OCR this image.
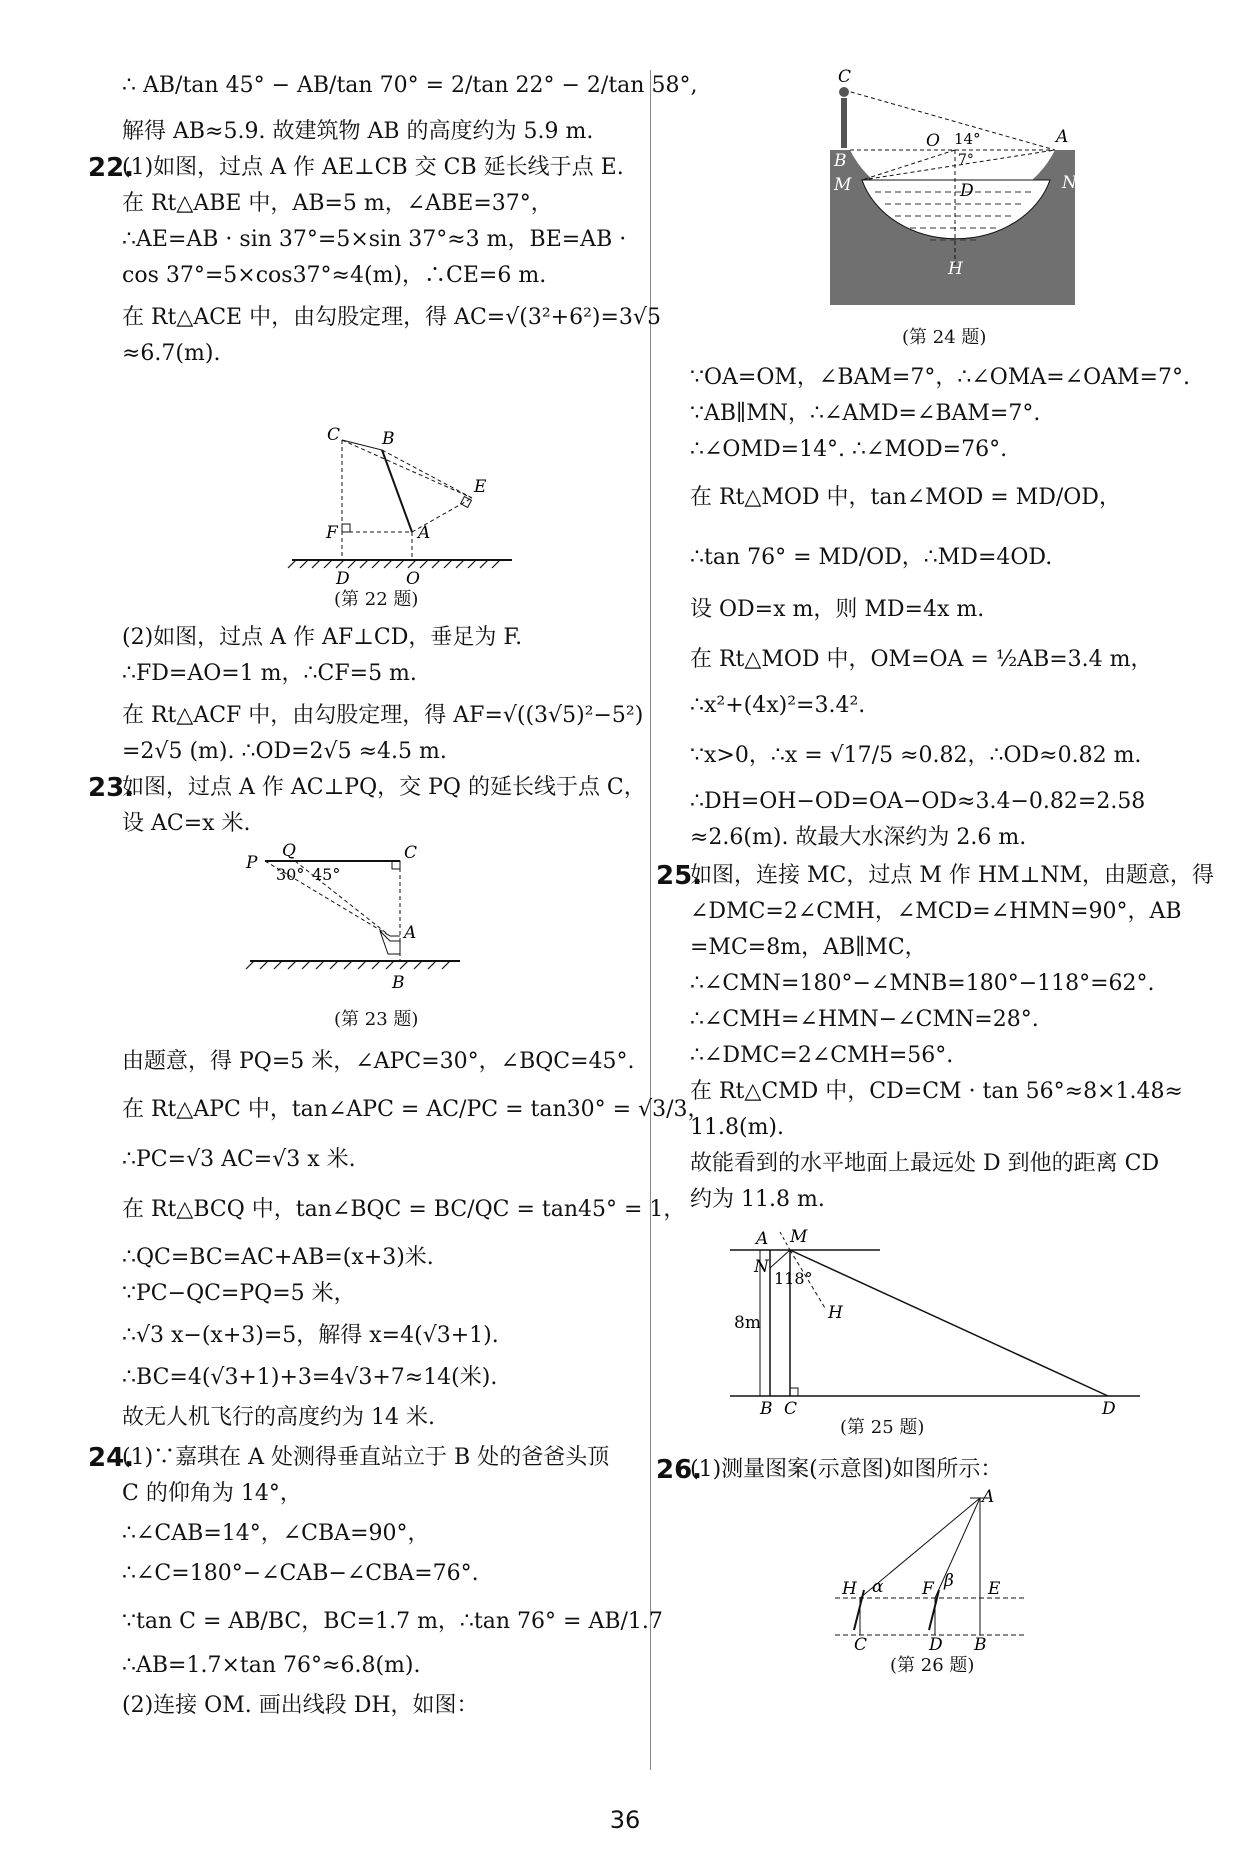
∴ AB/tan 45° − AB/tan 70° = 2/tan 22° − 2/tan 58°,
解得 AB≈5.9. 故建筑物 AB 的高度约为 5.9 m.
22.
(1)如图，过点 A 作 AE⊥CB 交 CB 延长线于点 E.
在 Rt△ABE 中，AB=5 m，∠ABE=37°，
∴AE=AB · sin 37°=5×sin 37°≈3 m，BE=AB ·
cos 37°=5×cos37°≈4(m)，∴CE=6 m.
在 Rt△ACE 中，由勾股定理，得 AC=√(3²+6²)=3√5
≈6.7(m).
C B
E
F	A
D	O
(第 22 题)
(2)如图，过点 A 作 AF⊥CD，垂足为 F.
∴FD=AO=1 m，∴CF=5 m.
在 Rt△ACF 中，由勾股定理，得 AF=√((3√5)²−5²)
=2√5 (m). ∴OD=2√5 ≈4.5 m.
23.
如图，过点 A 作 AC⊥PQ，交 PQ 的延长线于点 C，
设 AC=x 米.
P
Q
30° 45°
C
A
B
(第 23 题)
由题意，得 PQ=5 米，∠APC=30°，∠BQC=45°.
在 Rt△APC 中，tan∠APC = AC/PC = tan30° = √3/3，
∴PC=√3 AC=√3 x 米.
在 Rt△BCQ 中，tan∠BQC = BC/QC = tan45° = 1，
∴QC=BC=AC+AB=(x+3)米.
∵PC−QC=PQ=5 米，
∴√3 x−(x+3)=5，解得 x=4(√3+1).
∴BC=4(√3+1)+3=4√3+7≈14(米).
故无人机飞行的高度约为 14 米.
24.
(1)∵嘉琪在 A 处测得垂直站立于 B 处的爸爸头顶
C 的仰角为 14°，
∴∠CAB=14°，∠CBA=90°，
∴∠C=180°−∠CAB−∠CBA=76°.
∵tan C = AB/BC，BC=1.7 m，∴tan 76° = AB/1.7
∴AB=1.7×tan 76°≈6.8(m).
(2)连接 OM. 画出线段 DH，如图：
C
O 14°
7°
A
B
M	D	N
H
(第 24 题)
∵OA=OM，∠BAM=7°，∴∠OMA=∠OAM=7°.
∵AB∥MN，∴∠AMD=∠BAM=7°.
∴∠OMD=14°. ∴∠MOD=76°.
在 Rt△MOD 中，tan∠MOD = MD/OD，
∴tan 76° = MD/OD，∴MD=4OD.
设 OD=x m，则 MD=4x m.
在 Rt△MOD 中，OM=OA = ½AB=3.4 m，
∴x²+(4x)²=3.4².
∵x>0，∴x = √17/5 ≈0.82，∴OD≈0.82 m.
∴DH=OH−OD=OA−OD≈3.4−0.82=2.58
≈2.6(m). 故最大水深约为 2.6 m.
25.
如图，连接 MC，过点 M 作 HM⊥NM，由题意，得
∠DMC=2∠CMH，∠MCD=∠HMN=90°，AB
=MC=8m，AB∥MC，
∴∠CMN=180°−∠MNB=180°−118°=62°.
∴∠CMH=∠HMN−∠CMN=28°.
∴∠DMC=2∠CMH=56°.
在 Rt△CMD 中，CD=CM · tan 56°≈8×1.48≈
11.8(m).
故能看到的水平地面上最远处 D 到他的距离 CD
约为 11.8 m.
A M
N
118°
H
8m
B C	D
(第 25 题)
26.
(1)测量图案(示意图)如图所示：
A
H α F β E
C	D B
(第 26 题)
36
